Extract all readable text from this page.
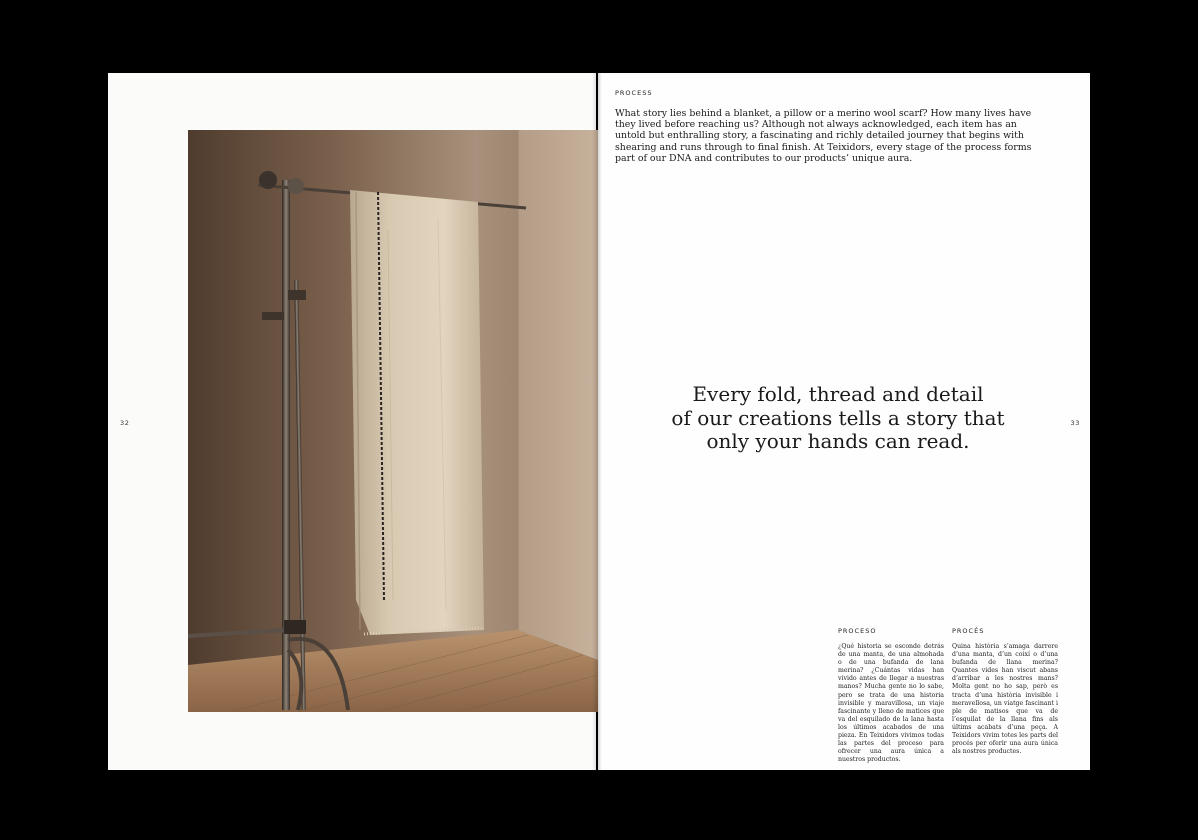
32
PROCESS

What story lies behind a blanket, a pillow or a merino wool scarf? How many lives have they lived before reaching us? Although not always acknowledged, each item has an untold but enthralling story, a fascinating and richly detailed journey that begins with shearing and runs through to final finish. At Teixidors, every stage of the process forms part of our DNA and contributes to our products’ unique aura.

Every fold, thread and detail
of our creations tells a story that
only your hands can read.
PROCESO

¿Qué historia se esconde detrás de una manta, de una almohada o de una bufanda de lana merina? ¿Cuántas vidas han vivido antes de llegar a nuestras manos? Mucha gente no lo sabe, pero se trata de una historia invisible y maravillosa, un viaje fascinante y lleno de matices que va del esquilado de la lana hasta los últimos acabados de una pieza. En Teixidors vivimos todas las partes del proceso para ofrecer una aura única a nuestros productos.

PROCÉS

Quina història s’amaga darrere d’una manta, d’un coixí o d’una bufanda de llana merina? Quantes vides han viscut abans d’arribar a les nostres mans? Molta gent no ho sap, però es tracta d’una història invisible i meravellosa, un viatge fascinant i ple de matisos que va de l’esquilat de la llana fins als últims acabats d’una peça. A Teixidors vivim totes les parts del procés per oferir una aura única als nostres productes.

33
